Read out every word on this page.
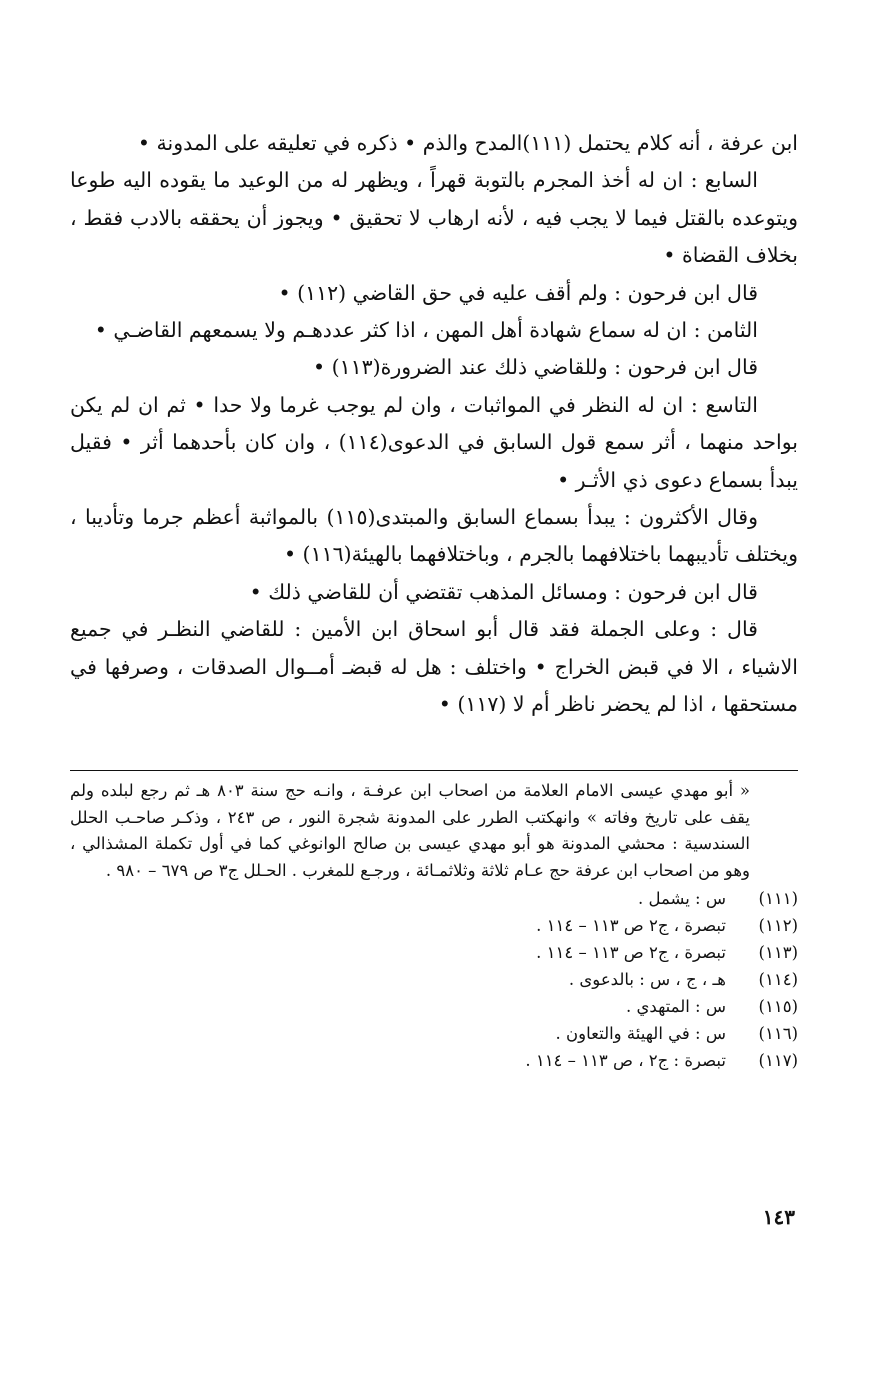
ابن عرفة ، أنه كلام يحتمل (١١١)المدح والذم • ذكره في تعليقه على المدونة •

السابع : ان له أخذ المجرم بالتوبة قهراً ، ويظهر له من الوعيد ما يقوده اليه طوعا ويتوعده بالقتل فيما لا يجب فيه ، لأنه ارهاب لا تحقيق • ويجوز أن يحققه بالادب فقط ، بخلاف القضاة •

قال ابن فرحون : ولم أقف عليه في حق القاضي (١١٢) •

الثامن : ان له سماع شهادة أهل المهن ، اذا كثر عددهـم ولا يسمعهم القاضـي •

قال ابن فرحون : وللقاضي ذلك عند الضرورة(١١٣) •

التاسع : ان له النظر في المواثبات ، وان لم يوجب غرما ولا حدا • ثم ان لم يكن بواحد منهما ، أثر سمع قول السابق في الدعوى(١١٤) ، وان كان بأحدهما أثر • فقيل يبدأ بسماع دعوى ذي الأثـر •

وقال الأكثرون : يبدأ بسماع السابق والمبتدى(١١٥) بالمواثبة أعظم جرما وتأديبا ، ويختلف تأديبهما باختلافهما بالجرم ، وباختلافهما بالهيئة(١١٦) •

قال ابن فرحون : ومسائل المذهب تقتضي أن للقاضي ذلك •

قال : وعلى الجملة فقد قال أبو اسحاق ابن الأمين : للقاضي النظـر في جميع الاشياء ، الا في قبض الخراج • واختلف : هل له قبضـ أمــوال الصدقات ، وصرفها في مستحقها ، اذا لم يحضر ناظر أم لا (١١٧) •

« أبو مهدي عيسى الامام العلامة من اصحاب ابن عرفـة ، وانـه حج سنة ٨٠٣ هـ ثم رجع لبلده ولم يقف على تاريخ وفاته » وانهكتب الطرر على المدونة شجرة النور ، ص ٢٤٣ ، وذكـر صاحـب الحلل السندسية : محشي المدونة هو أبو مهدي عيسى بن صالح الوانوغي كما في أول تكملة المشذالي ، وهو من اصحاب ابن عرفة حج عـام ثلاثة وثلاثمـائة ، ورجـع للمغرب . الحـلل ج٣ ص ٦٧٩ – ٩٨٠ .
(١١١)
س : يشمل .
(١١٢)
تبصرة ، ج٢ ص ١١٣ – ١١٤ .
(١١٣)
تبصرة ، ج٢ ص ١١٣ – ١١٤ .
(١١٤)
هـ ، ج ، س : بالدعوى .
(١١٥)
س : المتهدي .
(١١٦)
س : في الهيئة والتعاون .
(١١٧)
تبصرة : ج٢ ، ص ١١٣ – ١١٤ .
١٤٣
